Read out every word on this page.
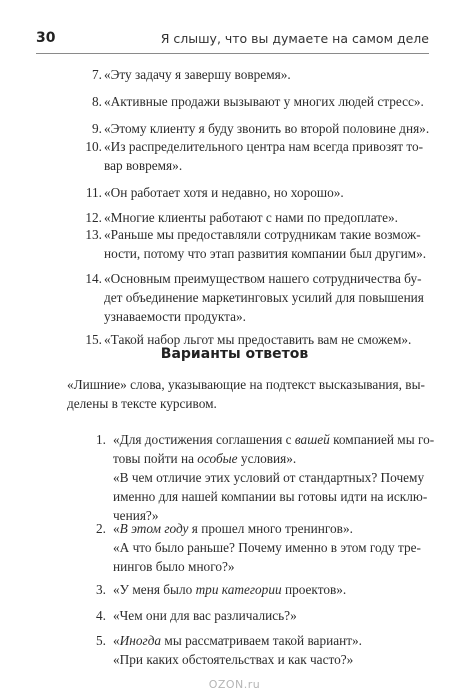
30	Я слышу, что вы думаете на самом деле
7. «Эту задачу я завершу вовремя».
8. «Активные продажи вызывают у многих людей стресс».
9. «Этому клиенту я буду звонить во второй половине дня».
10. «Из распределительного центра нам всегда привозят то-
вар вовремя».
11. «Он работает хотя и недавно, но хорошо».
12. «Многие клиенты работают с нами по предоплате».
13. «Раньше мы предоставляли сотрудникам такие возмож-
ности, потому что этап развития компании был другим».
14. «Основным преимуществом нашего сотрудничества бу-
дет объединение маркетинговых усилий для повышения
узнаваемости продукта».
15. «Такой набор льгот мы предоставить вам не сможем».
Варианты ответов
«Лишние» слова, указывающие на подтекст высказывания, вы-
делены в тексте курсивом.
1. «Для достижения соглашения с вашей компанией мы го-
товы пойти на особые условия».
«В чем отличие этих условий от стандартных? Почему
именно для нашей компании вы готовы идти на исклю-
чения?»
2. «В этом году я прошел много тренингов».
«А что было раньше? Почему именно в этом году тре-
нингов было много?»
3. «У меня было три категории проектов».
4. «Чем они для вас различались?»
5. «Иногда мы рассматриваем такой вариант».
«При каких обстоятельствах и как часто?»
OZON.ru
